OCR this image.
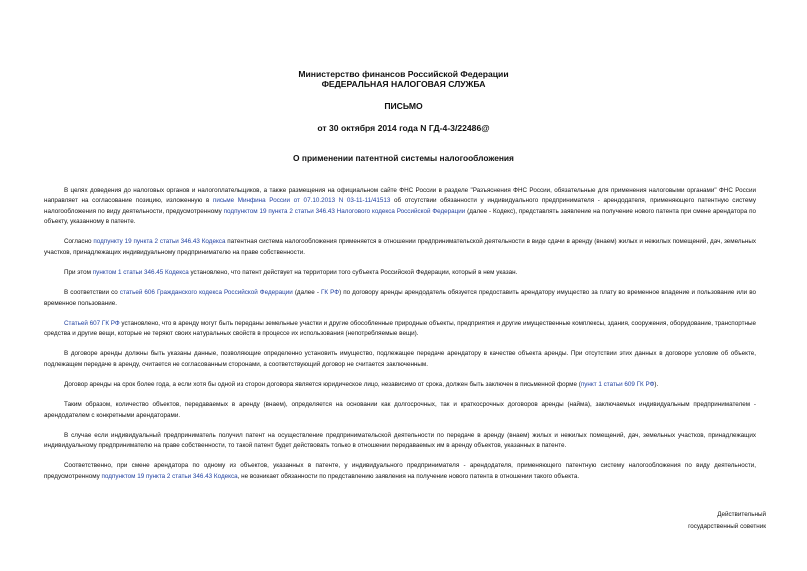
Министерство финансов Российской Федерации
ФЕДЕРАЛЬНАЯ НАЛОГОВАЯ СЛУЖБА
ПИСЬМО
от 30 октября 2014 года N ГД-4-3/22486@
О применении патентной системы налогообложения

В целях доведения до налоговых органов и налогоплательщиков, а также размещения на официальном сайте ФНС России в разделе "Разъяснения ФНС России, обязательные для применения налоговыми органами" ФНС России направляет на согласование позицию, изложенную в письме Минфина России от 07.10.2013 N 03-11-11/41513 об отсутствии обязанности у индивидуального предпринимателя - арендодателя, применяющего патентную систему налогообложения по виду деятельности, предусмотренному подпунктом 19 пункта 2 статьи 346.43 Налогового кодекса Российской Федерации (далее - Кодекс), представлять заявление на получение нового патента при смене арендатора по объекту, указанному в патенте.

Согласно подпункту 19 пункта 2 статьи 346.43 Кодекса патентная система налогообложения применяется в отношении предпринимательской деятельности в виде сдачи в аренду (внаем) жилых и нежилых помещений, дач, земельных участков, принадлежащих индивидуальному предпринимателю на праве собственности.

При этом пунктом 1 статьи 346.45 Кодекса установлено, что патент действует на территории того субъекта Российской Федерации, который в нем указан.

В соответствии со статьей 606 Гражданского кодекса Российской Федерации (далее - ГК РФ) по договору аренды арендодатель обязуется предоставить арендатору имущество за плату во временное владение и пользование или во временное пользование.

Статьей 607 ГК РФ установлено, что в аренду могут быть переданы земельные участки и другие обособленные природные объекты, предприятия и другие имущественные комплексы, здания, сооружения, оборудование, транспортные средства и другие вещи, которые не теряют своих натуральных свойств в процессе их использования (непотребляемые вещи).

В договоре аренды должны быть указаны данные, позволяющие определенно установить имущество, подлежащее передаче арендатору в качестве объекта аренды. При отсутствии этих данных в договоре условие об объекте, подлежащем передаче в аренду, считается не согласованным сторонами, а соответствующий договор не считается заключенным.

Договор аренды на срок более года, а если хотя бы одной из сторон договора является юридическое лицо, независимо от срока, должен быть заключен в письменной форме (пункт 1 статьи 609 ГК РФ).

Таким образом, количество объектов, передаваемых в аренду (внаем), определяется на основании как долгосрочных, так и краткосрочных договоров аренды (найма), заключаемых индивидуальным предпринимателем - арендодателем с конкретными арендаторами.

В случае если индивидуальный предприниматель получил патент на осуществление предпринимательской деятельности по передаче в аренду (внаем) жилых и нежилых помещений, дач, земельных участков, принадлежащих индивидуальному предпринимателю на праве собственности, то такой патент будет действовать только в отношении передаваемых им в аренду объектов, указанных в патенте.

Соответственно, при смене арендатора по одному из объектов, указанных в патенте, у индивидуального предпринимателя - арендодателя, применяющего патентную систему налогообложения по виду деятельности, предусмотренному подпунктом 19 пункта 2 статьи 346.43 Кодекса, не возникает обязанности по представлению заявления на получение нового патента в отношении такого объекта.

Действительный
государственный советник
